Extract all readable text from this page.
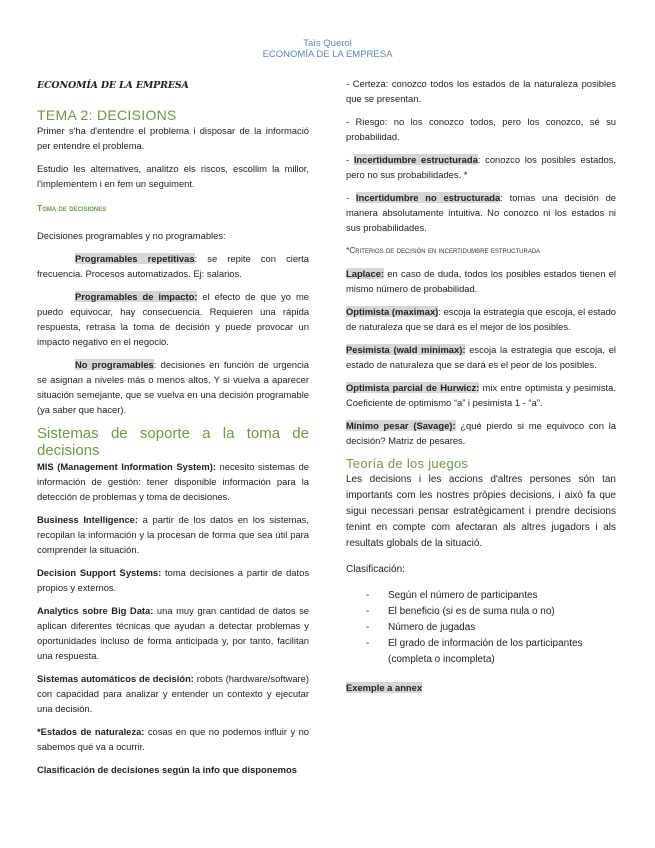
Taïs Querol
ECONOMÍA DE LA EMPRESA
ECONOMÍA DE LA EMPRESA
TEMA 2: DECISIONS

Primer s'ha d'entendre el problema i disposar de la informació per entendre el problema.

Estudio les alternatives, analitzo els riscos, escollim la millor, l'implementem i en fem un seguiment.

Toma de decisiones

Decisiones programables y no programables:

Programables repetitivas: se repite con cierta frecuencia. Procesos automatizados. Ej: salarios.

Programables de impacto: el efecto de que yo me puedo equivocar, hay consecuencia. Requieren una rápida respuesta, retrasa la toma de decisión y puede provocar un impacto negativo en el negocio.

No programables: decisiones en función de urgencia se asignan a niveles más o menos altos. Y si vuelva a aparecer situación semejante, que se vuelva en una decisión programable (ya saber que hacer).

Sistemas de soporte a la toma de decisions

MIS (Management Information System): necesito sistemas de información de gestión: tener disponible información para la detección de problemas y toma de decisiones.

Business Intelligence: a partir de los datos en los sistemas, recopilan la información y la procesan de forma que sea útil para comprender la situación.

Decision Support Systems: toma decisiones a partir de datos propios y externos.

Analytics sobre Big Data: una muy gran cantidad de datos se aplican diferentes técnicas que ayudan a detectar problemas y oportunidades incluso de forma anticipada y, por tanto, facilitan una respuesta.

Sistemas automáticos de decisión: robots (hardware/software) con capacidad para analizar y entender un contexto y ejecutar una decisión.

*Estados de naturaleza: cosas en que no podemos influir y no sabemos qué va a ocurrir.

Clasificación de decisiones según la info que disponemos

- Certeza: conozco todos los estados de la naturaleza posibles que se presentan.

- Riesgo: no los conozco todos, pero los conozco, sé su probabilidad.

- Incertidumbre estructurada: conozco los posibles estados, pero no sus probabilidades. *

- Incertidumbre no estructurada: tomas una decisión de manera absolutamente intuitiva. No conozco ni los estados ni sus probabilidades.

*Criterios de decisión en incertidumbre estructurada

Laplace: en caso de duda, todos los posibles estados tienen el mismo número de probabilidad.

Optimista (maximax): escoja la estrategia que escoja, el estado de naturaleza que se dará es el mejor de los posibles.

Pesimista (wald minimax): escoja la estrategia que escoja, el estado de naturaleza que se dará es el peor de los posibles.

Optimista parcial de Hurwicz: mix entre optimista y pesimista. Coeficiente de optimismo “a” i pesimista 1 - “a”.

Mínimo pesar (Savage): ¿qué pierdo si me equivoco con la decisión? Matriz de pesares.

Teoría de los juegos

Les decisions i les accions d'altres persones són tan importants com les nostres pròpies decisions, i això fa que sigui necessari pensar estratègicament i prendre decisions tenint en compte com afectaran als altres jugadors i als resultats globals de la situació.

Clasificación:

- Según el número de participantes
- El beneficio (si es de suma nula o no)
- Número de jugadas
- El grado de información de los participantes (completa o incompleta)

Exemple a annex
